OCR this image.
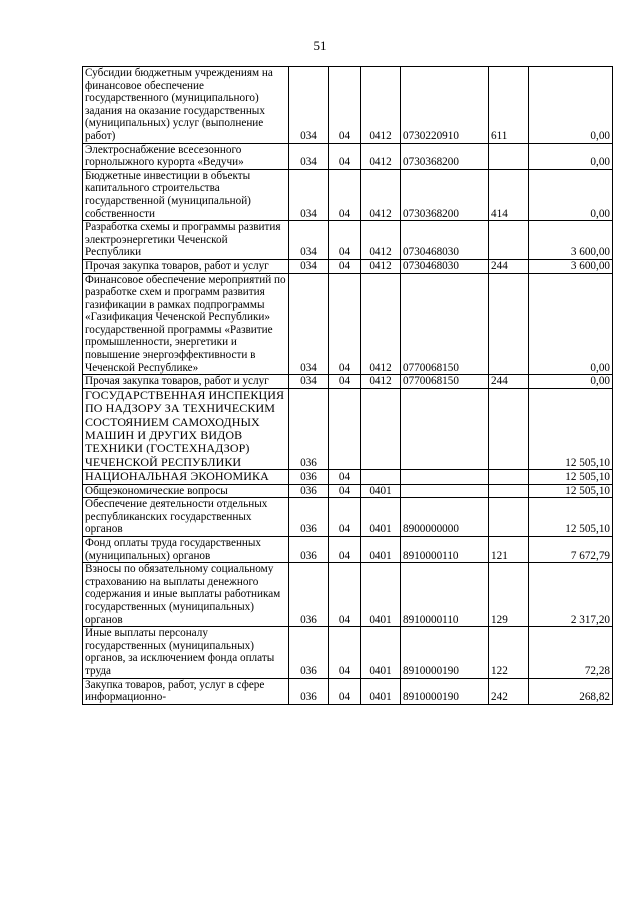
51
Субсидии бюджетным учреждениям на финансовое обеспечение государственного (муниципального) задания на оказание государственных (муниципальных) услуг (выполнение работ)	034	04	0412	0730220910	611	0,00
Электроснабжение всесезонного горнолыжного курорта «Ведучи»	034	04	0412	0730368200		0,00
Бюджетные инвестиции в объекты капитального строительства государственной (муниципальной) собственности	034	04	0412	0730368200	414	0,00
Разработка схемы и программы развития электроэнергетики Чеченской Республики	034	04	0412	0730468030		3 600,00
Прочая закупка товаров, работ и услуг	034	04	0412	0730468030	244	3 600,00
Финансовое обеспечение мероприятий по разработке схем и программ развития газификации в рамках подпрограммы «Газификация Чеченской Республики» государственной программы «Развитие промышленности, энергетики и повышение энергоэффективности в Чеченской Республике»	034	04	0412	0770068150		0,00
Прочая закупка товаров, работ и услуг	034	04	0412	0770068150	244	0,00
ГОСУДАРСТВЕННАЯ ИНСПЕКЦИЯ ПО НАДЗОРУ ЗА ТЕХНИЧЕСКИМ СОСТОЯНИЕМ САМОХОДНЫХ МАШИН И ДРУГИХ ВИДОВ ТЕХНИКИ (ГОСТЕХНАДЗОР) ЧЕЧЕНСКОЙ РЕСПУБЛИКИ	036					12 505,10
НАЦИОНАЛЬНАЯ ЭКОНОМИКА	036	04				12 505,10
Общеэкономические вопросы	036	04	0401			12 505,10
Обеспечение деятельности отдельных республиканских государственных органов	036	04	0401	8900000000		12 505,10
Фонд оплаты труда государственных (муниципальных) органов	036	04	0401	8910000110	121	7 672,79
Взносы по обязательному социальному страхованию на выплаты денежного содержания и иные выплаты работникам государственных (муниципальных) органов	036	04	0401	8910000110	129	2 317,20
Иные выплаты персоналу государственных (муниципальных) органов, за исключением фонда оплаты труда	036	04	0401	8910000190	122	72,28
Закупка товаров, работ, услуг в сфере информационно-	036	04	0401	8910000190	242	268,82
